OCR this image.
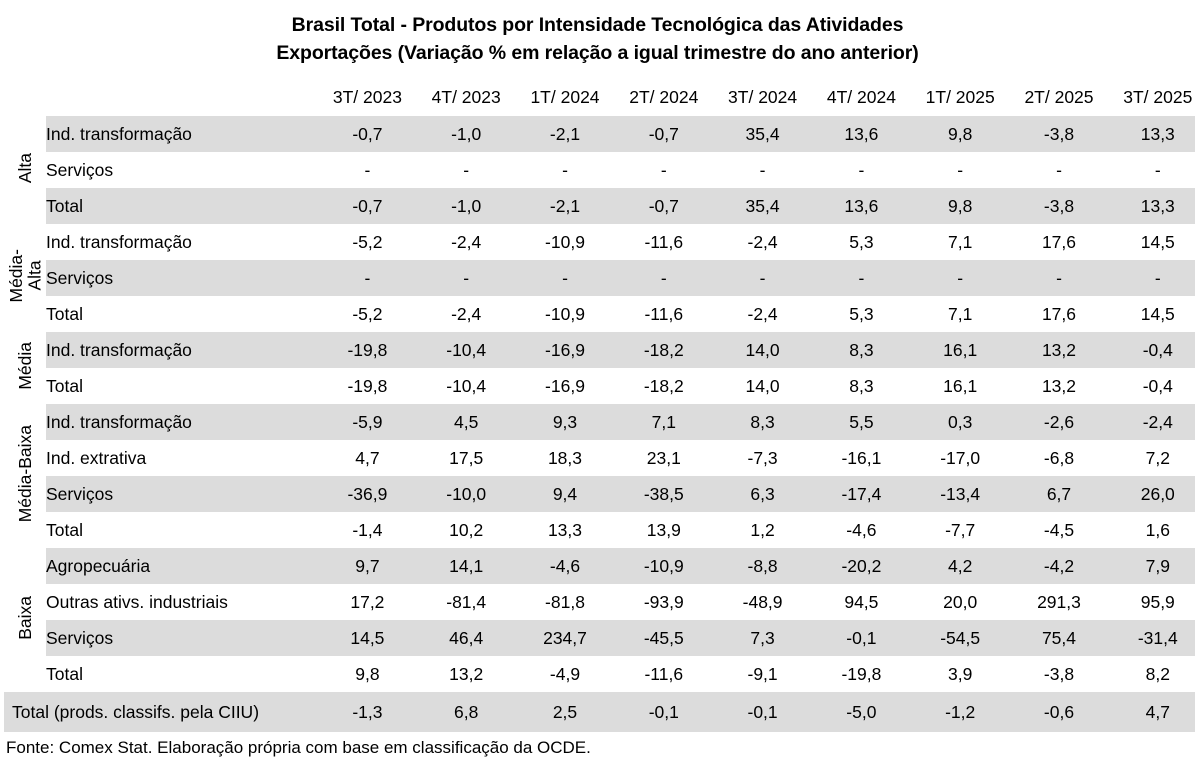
Brasil Total - Produtos por Intensidade Tecnológica das Atividades
Exportações (Variação % em relação a igual trimestre do ano anterior)
		3T/ 2023	4T/ 2023	1T/ 2024	2T/ 2024	3T/ 2024	4T/ 2024	1T/ 2025	2T/ 2025	3T/ 2025
Alta	Ind. transformação	-0,7	-1,0	-2,1	-0,7	35,4	13,6	9,8	-3,8	13,3
	Serviços	-	-	-	-	-	-	-	-	-
	Total	-0,7	-1,0	-2,1	-0,7	35,4	13,6	9,8	-3,8	13,3
Média-
Alta	Ind. transformação	-5,2	-2,4	-10,9	-11,6	-2,4	5,3	7,1	17,6	14,5
	Serviços	-	-	-	-	-	-	-	-	-
	Total	-5,2	-2,4	-10,9	-11,6	-2,4	5,3	7,1	17,6	14,5
Média	Ind. transformação	-19,8	-10,4	-16,9	-18,2	14,0	8,3	16,1	13,2	-0,4
	Total	-19,8	-10,4	-16,9	-18,2	14,0	8,3	16,1	13,2	-0,4
Média-Baixa	Ind. transformação	-5,9	4,5	9,3	7,1	8,3	5,5	0,3	-2,6	-2,4
	Ind. extrativa	4,7	17,5	18,3	23,1	-7,3	-16,1	-17,0	-6,8	7,2
	Serviços	-36,9	-10,0	9,4	-38,5	6,3	-17,4	-13,4	6,7	26,0
	Total	-1,4	10,2	13,3	13,9	1,2	-4,6	-7,7	-4,5	1,6
Baixa	Agropecuária	9,7	14,1	-4,6	-10,9	-8,8	-20,2	4,2	-4,2	7,9
	Outras ativs. industriais	17,2	-81,4	-81,8	-93,9	-48,9	94,5	20,0	291,3	95,9
	Serviços	14,5	46,4	234,7	-45,5	7,3	-0,1	-54,5	75,4	-31,4
	Total	9,8	13,2	-4,9	-11,6	-9,1	-19,8	3,9	-3,8	8,2
Total (prods. classifs. pela CIIU)		-1,3	6,8	2,5	-0,1	-0,1	-5,0	-1,2	-0,6	4,7
Fonte: Comex Stat. Elaboração própria com base em classificação da OCDE.
